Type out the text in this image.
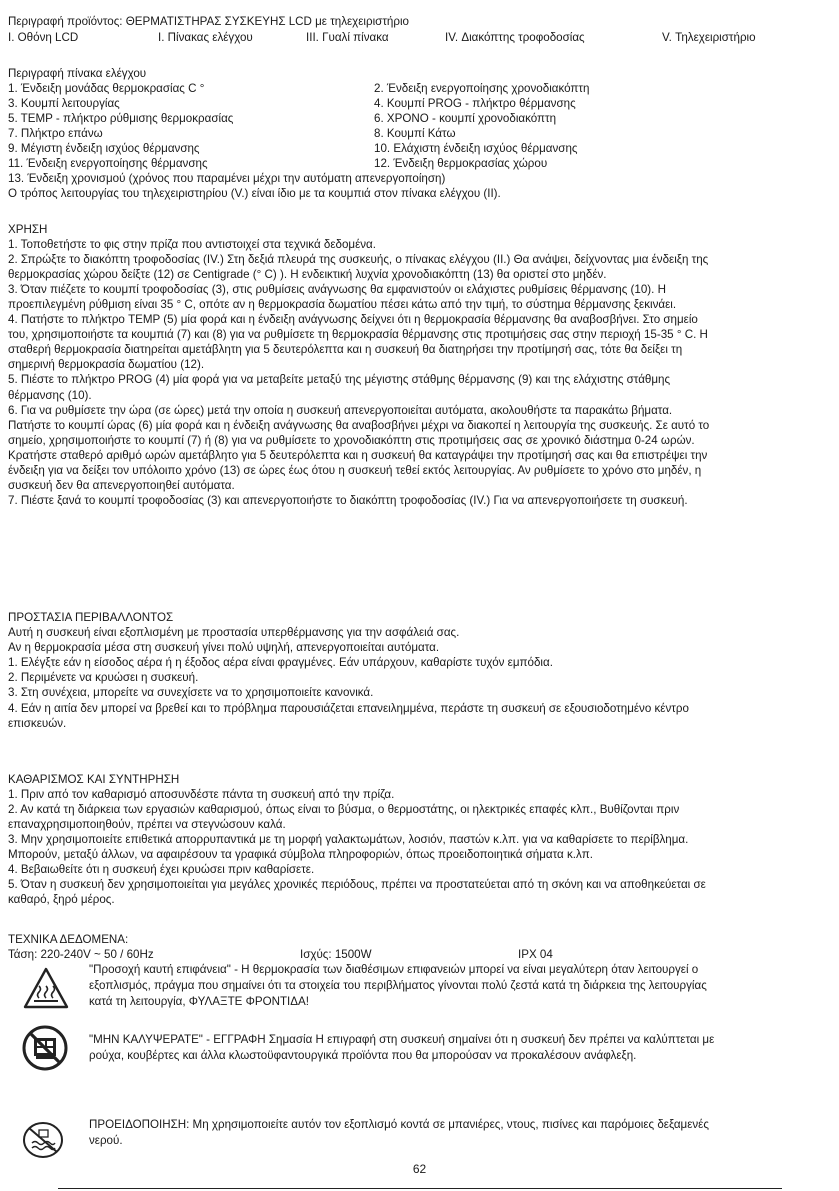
Περιγραφή προϊόντος: ΘΕΡΜΑΤΙΣΤΗΡΑΣ ΣΥΣΚΕΥΗΣ LCD με τηλεχειριστήριο
I. Οθόνη LCD	I. Πίνακας ελέγχου	III. Γυαλί πίνακα	IV. Διακόπτης τροφοδοσίας	V. Τηλεχειριστήριο
Περιγραφή πίνακα ελέγχου
1. Ένδειξη μονάδας θερμοκρασίας C °	2. Ένδειξη ενεργοποίησης χρονοδιακόπτη
3. Κουμπί λειτουργίας	4. Κουμπί PROG - πλήκτρο θέρμανσης
5. TEMP - πλήκτρο ρύθμισης θερμοκρασίας	6. ΧΡΟΝΟ - κουμπί χρονοδιακόπτη
7. Πλήκτρο επάνω	8. Κουμπί Κάτω
9. Μέγιστη ένδειξη ισχύος θέρμανσης	10. Ελάχιστη ένδειξη ισχύος θέρμανσης
11. Ένδειξη ενεργοποίησης θέρμανσης	12. Ένδειξη θερμοκρασίας χώρου
13. Ένδειξη χρονισμού (χρόνος που παραμένει μέχρι την αυτόματη απενεργοποίηση)
Ο τρόπος λειτουργίας του τηλεχειριστηρίου (V.) είναι ίδιο με τα κουμπιά στον πίνακα ελέγχου (II).
ΧΡΗΣΗ
1. Τοποθετήστε το φις στην πρίζα που αντιστοιχεί στα τεχνικά δεδομένα.
2. Σπρώξτε το διακόπτη τροφοδοσίας (IV.) Στη δεξιά πλευρά της συσκευής, ο πίνακας ελέγχου (II.) Θα ανάψει, δείχνοντας μια ένδειξη της
θερμοκρασίας χώρου δείξτε (12) σε Centigrade (° C) ). Η ενδεικτική λυχνία χρονοδιακόπτη (13) θα οριστεί στο μηδέν.
3. Όταν πιέζετε το κουμπί τροφοδοσίας (3), στις ρυθμίσεις ανάγνωσης θα εμφανιστούν οι ελάχιστες ρυθμίσεις θέρμανσης (10). Η
προεπιλεγμένη ρύθμιση είναι 35 ° C, οπότε αν η θερμοκρασία δωματίου πέσει κάτω από την τιμή, το σύστημα θέρμανσης ξεκινάει.
4. Πατήστε το πλήκτρο TEMP (5) μία φορά και η ένδειξη ανάγνωσης δείχνει ότι η θερμοκρασία θέρμανσης θα αναβοσβήνει. Στο σημείο
του, χρησιμοποιήστε τα κουμπιά (7) και (8) για να ρυθμίσετε τη θερμοκρασία θέρμανσης στις προτιμήσεις σας στην περιοχή 15-35 ° C. Η
σταθερή θερμοκρασία διατηρείται αμετάβλητη για 5 δευτερόλεπτα και η συσκευή θα διατηρήσει την προτίμησή σας, τότε θα δείξει τη
σημερινή θερμοκρασία δωματίου (12).
5. Πιέστε το πλήκτρο PROG (4) μία φορά για να μεταβείτε μεταξύ της μέγιστης στάθμης θέρμανσης (9) και της ελάχιστης στάθμης
θέρμανσης (10).
6. Για να ρυθμίσετε την ώρα (σε ώρες) μετά την οποία η συσκευή απενεργοποιείται αυτόματα, ακολουθήστε τα παρακάτω βήματα.
Πατήστε το κουμπί ώρας (6) μία φορά και η ένδειξη ανάγνωσης θα αναβοσβήνει μέχρι να διακοπεί η λειτουργία της συσκευής. Σε αυτό το
σημείο, χρησιμοποιήστε το κουμπί (7) ή (8) για να ρυθμίσετε το χρονοδιακόπτη στις προτιμήσεις σας σε χρονικό διάστημα 0-24 ωρών.
Κρατήστε σταθερό αριθμό ωρών αμετάβλητο για 5 δευτερόλεπτα και η συσκευή θα καταγράψει την προτίμησή σας και θα επιστρέψει την
ένδειξη για να δείξει τον υπόλοιπο χρόνο (13) σε ώρες έως ότου η συσκευή τεθεί εκτός λειτουργίας. Αν ρυθμίσετε το χρόνο στο μηδέν, η
συσκευή δεν θα απενεργοποιηθεί αυτόματα.
7. Πιέστε ξανά το κουμπί τροφοδοσίας (3) και απενεργοποιήστε το διακόπτη τροφοδοσίας (IV.) Για να απενεργοποιήσετε τη συσκευή.
ΠΡΟΣΤΑΣΙΑ ΠΕΡΙΒΑΛΛΟΝΤΟΣ
Αυτή η συσκευή είναι εξοπλισμένη με προστασία υπερθέρμανσης για την ασφάλειά σας.
Αν η θερμοκρασία μέσα στη συσκευή γίνει πολύ υψηλή, απενεργοποιείται αυτόματα.
1. Ελέγξτε εάν η είσοδος αέρα ή η έξοδος αέρα είναι φραγμένες. Εάν υπάρχουν, καθαρίστε τυχόν εμπόδια.
2. Περιμένετε να κρυώσει η συσκευή.
3. Στη συνέχεια, μπορείτε να συνεχίσετε να το χρησιμοποιείτε κανονικά.
4. Εάν η αιτία δεν μπορεί να βρεθεί και το πρόβλημα παρουσιάζεται επανειλημμένα, περάστε τη συσκευή σε εξουσιοδοτημένο κέντρο
επισκευών.
ΚΑΘΑΡΙΣΜΟΣ ΚΑΙ ΣΥΝΤΗΡΗΣΗ
1. Πριν από τον καθαρισμό αποσυνδέστε πάντα τη συσκευή από την πρίζα.
2. Αν κατά τη διάρκεια των εργασιών καθαρισμού, όπως είναι το βύσμα, ο θερμοστάτης, οι ηλεκτρικές επαφές κλπ., Βυθίζονται πριν
επαναχρησιμοποιηθούν, πρέπει να στεγνώσουν καλά.
3. Μην χρησιμοποιείτε επιθετικά απορρυπαντικά με τη μορφή γαλακτωμάτων, λοσιόν, παστών κ.λπ. για να καθαρίσετε το περίβλημα.
Μπορούν, μεταξύ άλλων, να αφαιρέσουν τα γραφικά σύμβολα πληροφοριών, όπως προειδοποιητικά σήματα κ.λπ.
4. Βεβαιωθείτε ότι η συσκευή έχει κρυώσει πριν καθαρίσετε.
5. Όταν η συσκευή δεν χρησιμοποιείται για μεγάλες χρονικές περιόδους, πρέπει να προστατεύεται από τη σκόνη και να αποθηκεύεται σε
καθαρό, ξηρό μέρος.
ΤΕΧΝΙΚΑ ΔΕΔΟΜΕΝΑ:
Τάση: 220-240V ~ 50 / 60Hz	Ισχύς: 1500W	IPX 04
"Προσοχή καυτή επιφάνεια" - Η θερμοκρασία των διαθέσιμων επιφανειών μπορεί να είναι μεγαλύτερη όταν λειτουργεί ο
εξοπλισμός, πράγμα που σημαίνει ότι τα στοιχεία του περιβλήματος γίνονται πολύ ζεστά κατά τη διάρκεια της λειτουργίας
κατά τη λειτουργία, ΦΥΛΑΞΤΕ ΦΡΟΝΤΙΔΑ!
"ΜΗΝ ΚΑΛΥΨΕΡΑΤΕ" - ΕΓΓΡΑΦΗ Σημασία Η επιγραφή στη συσκευή σημαίνει ότι η συσκευή δεν πρέπει να καλύπτεται με
ρούχα, κουβέρτες και άλλα κλωστοϋφαντουργικά προϊόντα που θα μπορούσαν να προκαλέσουν ανάφλεξη.
ΠΡΟΕΙΔΟΠΟΙΗΣΗ: Μη χρησιμοποιείτε αυτόν τον εξοπλισμό κοντά σε μπανιέρες, ντους, πισίνες και παρόμοιες δεξαμενές
νερού.
62
